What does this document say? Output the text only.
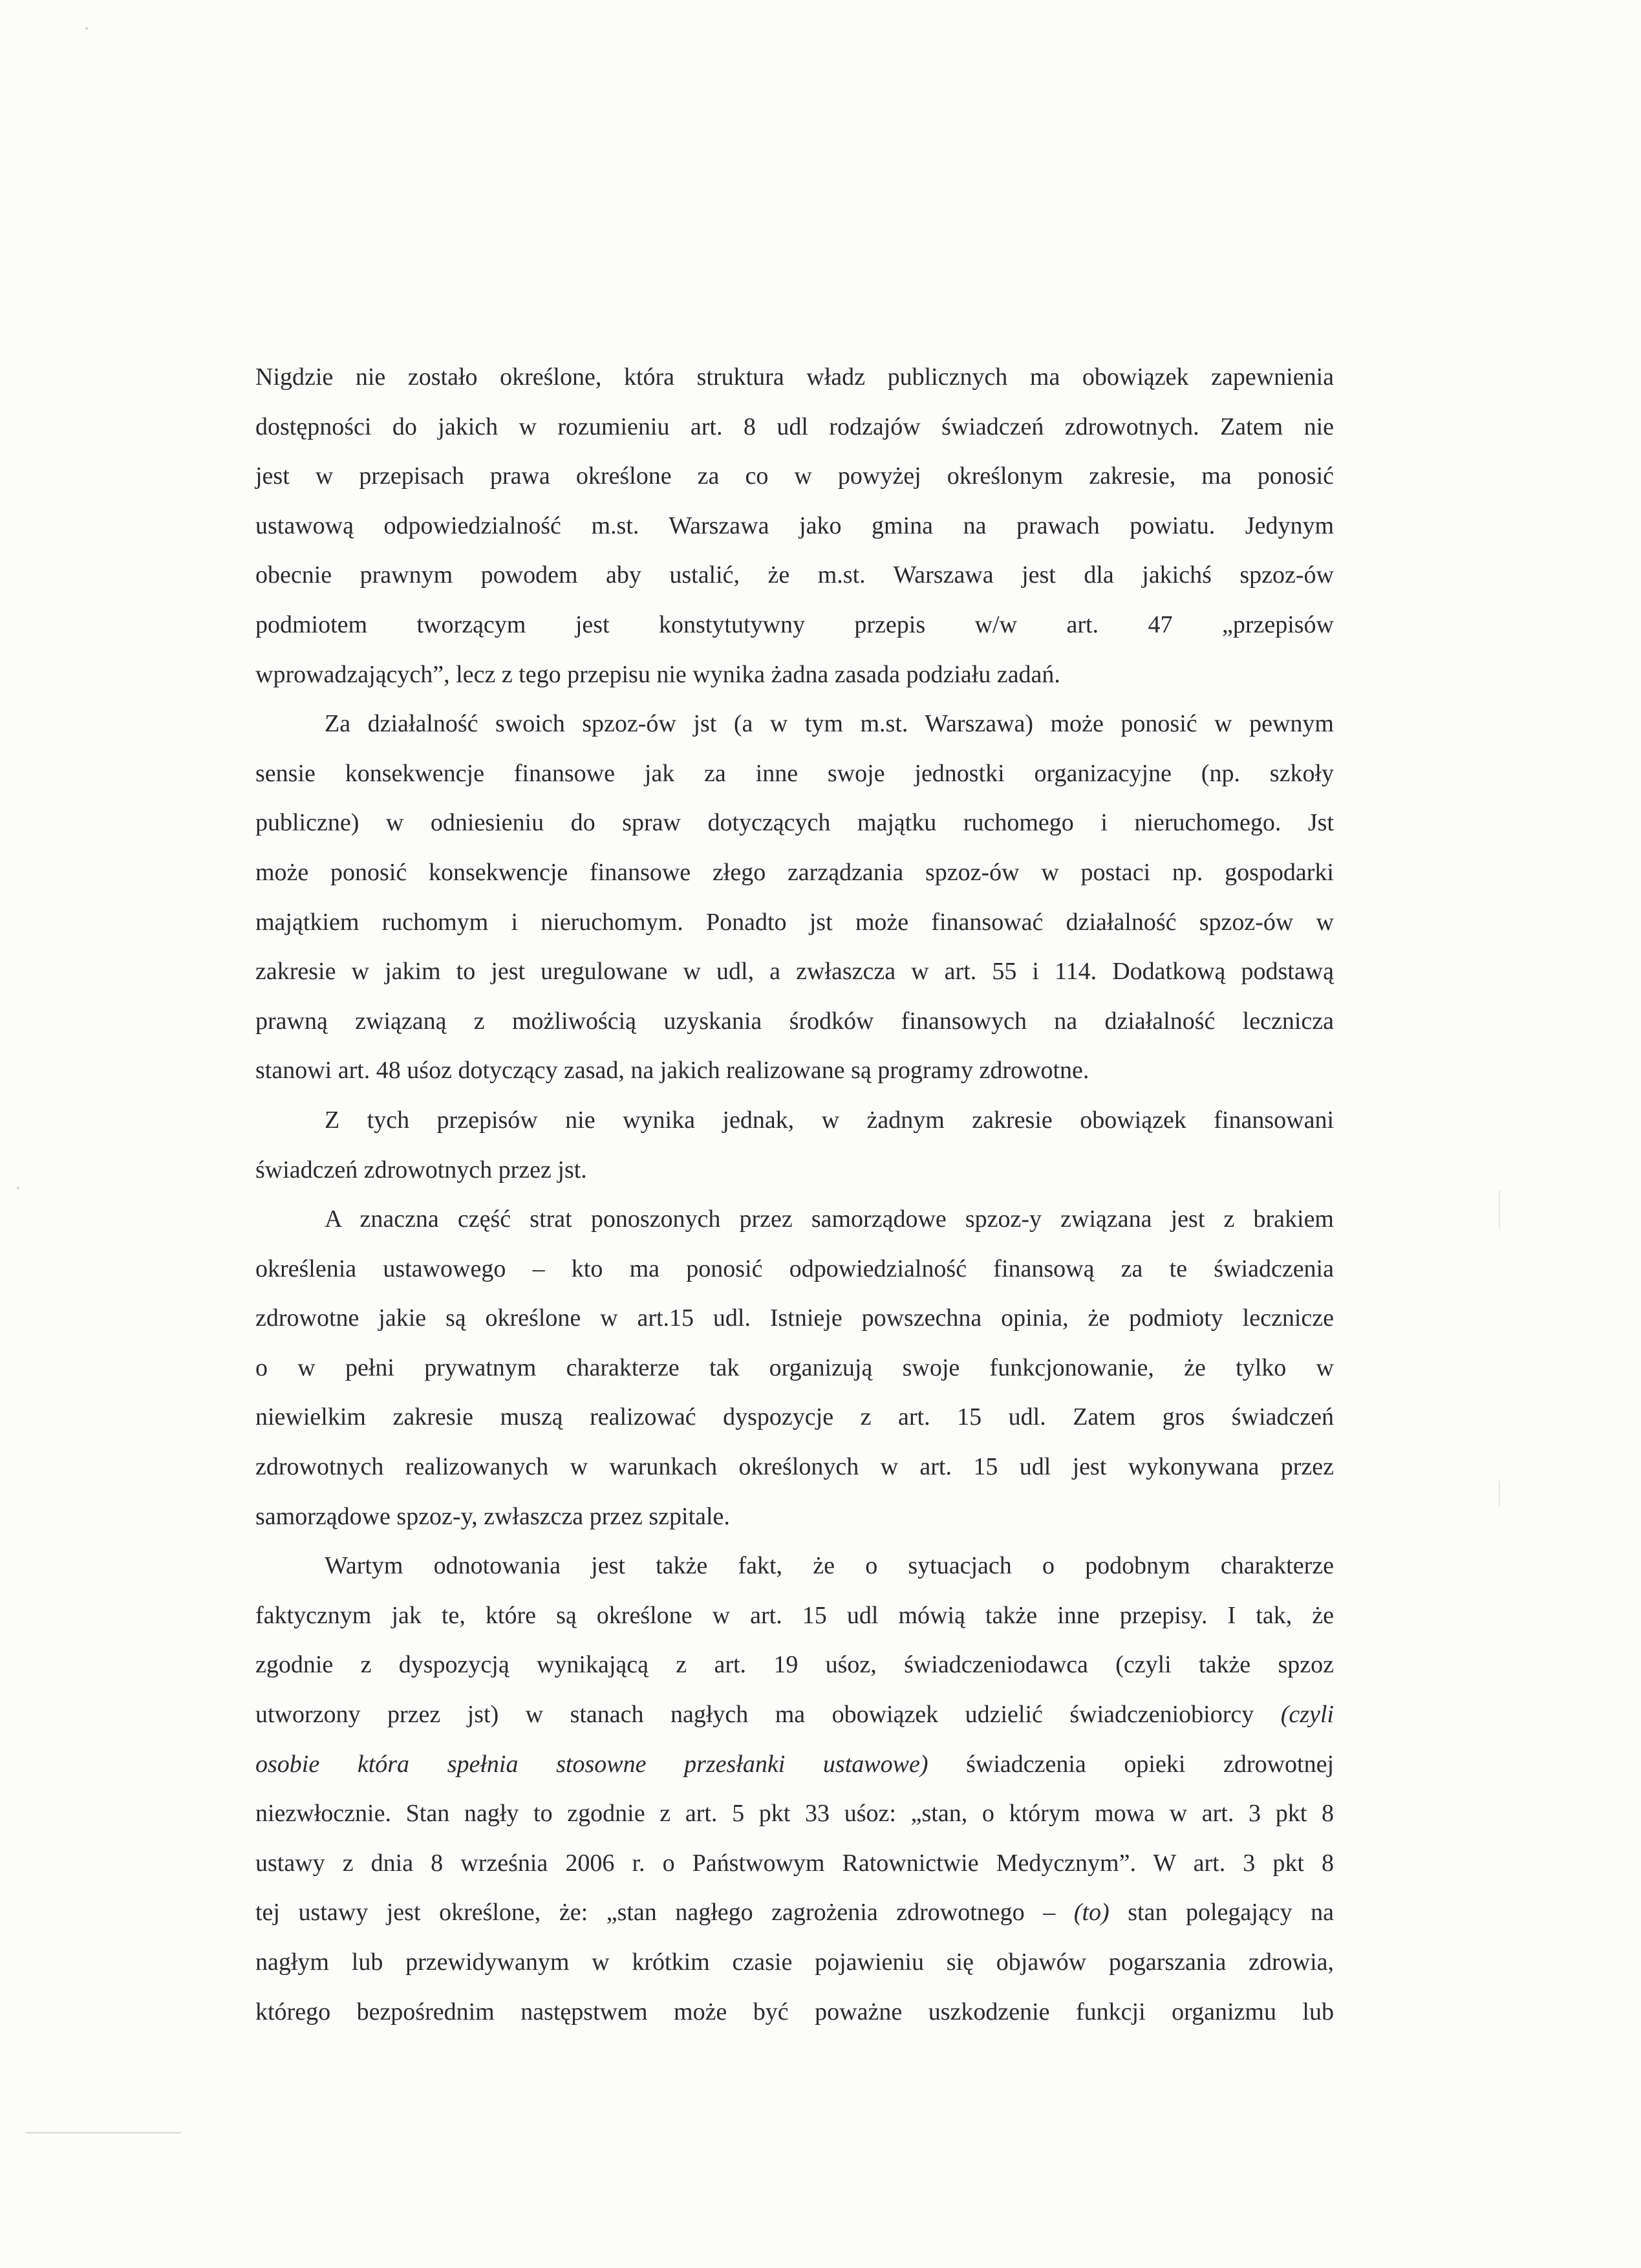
Nigdzie nie zostało określone, która struktura władz publicznych ma obowiązek zapewnienia
dostępności do jakich w rozumieniu art. 8 udl rodzajów świadczeń zdrowotnych. Zatem nie
jest w przepisach prawa określone za co w powyżej określonym zakresie, ma ponosić
ustawową odpowiedzialność m.st. Warszawa jako gmina na prawach powiatu. Jedynym
obecnie prawnym powodem aby ustalić, że m.st. Warszawa jest dla jakichś spzoz-ów
podmiotem tworzącym jest konstytutywny przepis w/w art. 47 „przepisów
wprowadzających”, lecz z tego przepisu nie wynika żadna zasada podziału zadań.

Za działalność swoich spzoz-ów jst (a w tym m.st. Warszawa) może ponosić w pewnym
sensie konsekwencje finansowe jak za inne swoje jednostki organizacyjne (np. szkoły
publiczne) w odniesieniu do spraw dotyczących majątku ruchomego i nieruchomego. Jst
może ponosić konsekwencje finansowe złego zarządzania spzoz-ów w postaci np. gospodarki
majątkiem ruchomym i nieruchomym. Ponadto jst może finansować działalność spzoz-ów w
zakresie w jakim to jest uregulowane w udl, a zwłaszcza w art. 55 i 114. Dodatkową podstawą
prawną związaną z możliwością uzyskania środków finansowych na działalność lecznicza
stanowi art. 48 uśoz dotyczący zasad, na jakich realizowane są programy zdrowotne.

Z tych przepisów nie wynika jednak, w żadnym zakresie obowiązek finansowani
świadczeń zdrowotnych przez jst.

A znaczna część strat ponoszonych przez samorządowe spzoz-y związana jest z brakiem
określenia ustawowego – kto ma ponosić odpowiedzialność finansową za te świadczenia
zdrowotne jakie są określone w art.15 udl. Istnieje powszechna opinia, że podmioty lecznicze
o w pełni prywatnym charakterze tak organizują swoje funkcjonowanie, że tylko w
niewielkim zakresie muszą realizować dyspozycje z art. 15 udl. Zatem gros świadczeń
zdrowotnych realizowanych w warunkach określonych w art. 15 udl jest wykonywana przez
samorządowe spzoz-y, zwłaszcza przez szpitale.

Wartym odnotowania jest także fakt, że o sytuacjach o podobnym charakterze
faktycznym jak te, które są określone w art. 15 udl mówią także inne przepisy. I tak, że
zgodnie z dyspozycją wynikającą z art. 19 uśoz, świadczeniodawca (czyli także spzoz
utworzony przez jst) w stanach nagłych ma obowiązek udzielić świadczeniobiorcy (czyli
osobie która spełnia stosowne przesłanki ustawowe) świadczenia opieki zdrowotnej
niezwłocznie. Stan nagły to zgodnie z art. 5 pkt 33 uśoz: „stan, o którym mowa w art. 3 pkt 8
ustawy z dnia 8 września 2006 r. o Państwowym Ratownictwie Medycznym”. W art. 3 pkt 8
tej ustawy jest określone, że: „stan nagłego zagrożenia zdrowotnego – (to) stan polegający na
nagłym lub przewidywanym w krótkim czasie pojawieniu się objawów pogarszania zdrowia,
którego bezpośrednim następstwem może być poważne uszkodzenie funkcji organizmu lub
